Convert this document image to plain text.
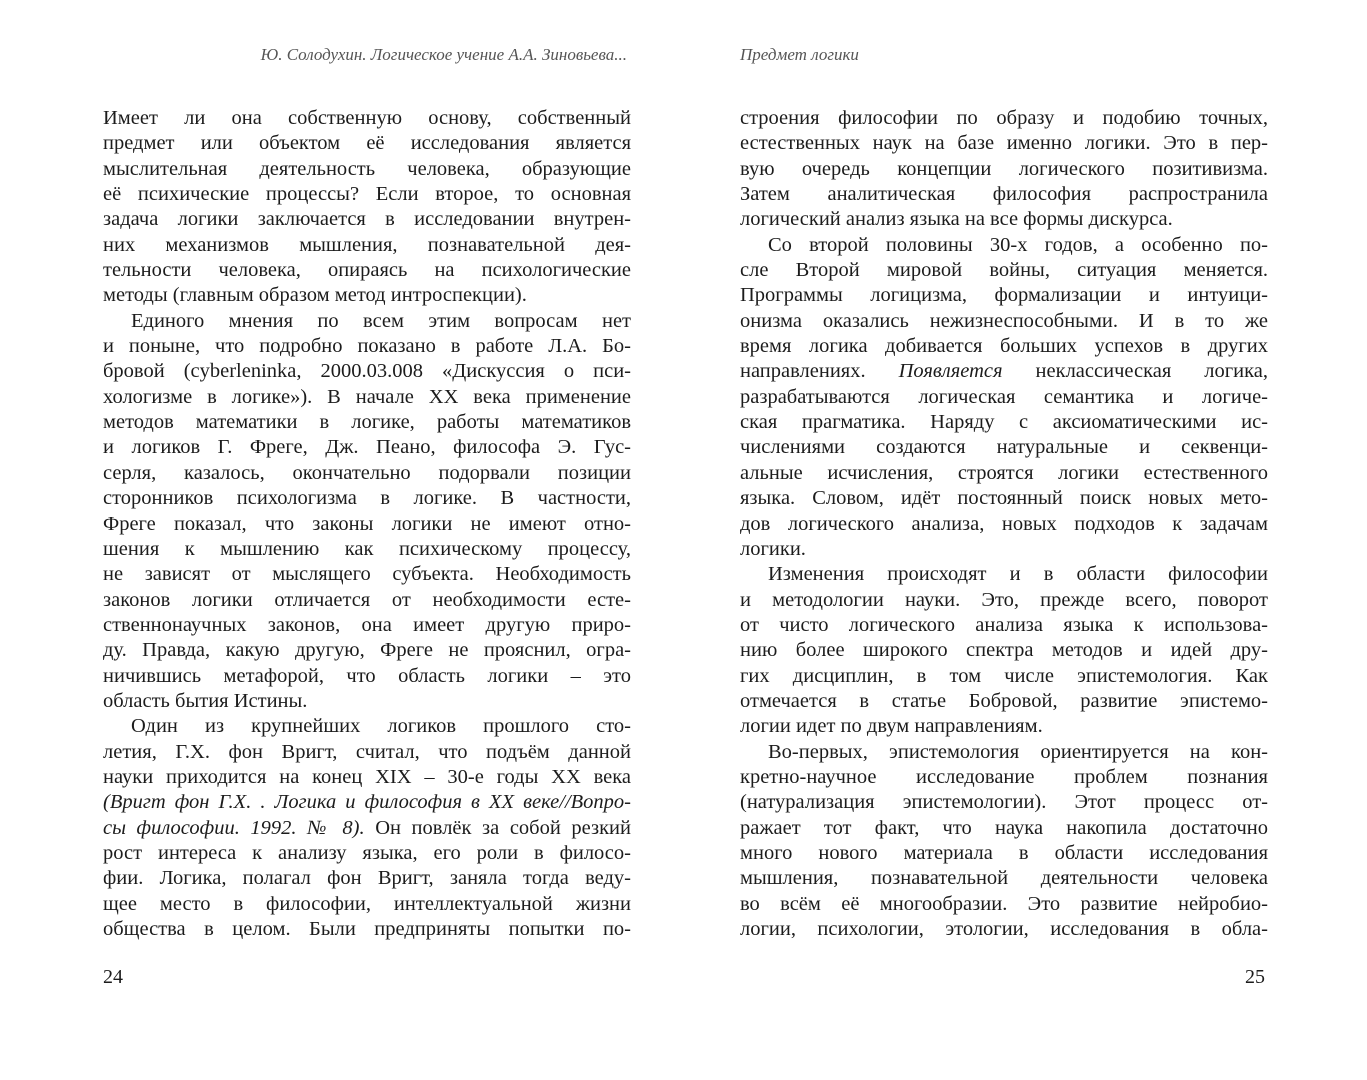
Ю. Солодухин. Логическое учение А.А. Зиновьева...
Имеет ли она собственную основу, собственный
предмет или объектом её исследования является
мыслительная деятельность человека, образующие
её психические процессы? Если второе, то основная
задача логики заключается в исследовании внутрен-
них механизмов мышления, познавательной дея-
тельности человека, опираясь на психологические
методы (главным образом метод интроспекции).
Единого мнения по всем этим вопросам нет
и поныне, что подробно показано в работе Л.А. Бо-
бровой (cyberleninka, 2000.03.008 «Дискуссия о пси-
хологизме в логике»). В начале XX века применение
методов математики в логике, работы математиков
и логиков Г. Фреге, Дж. Пеано, философа Э. Гус-
серля, казалось, окончательно подорвали позиции
сторонников психологизма в логике. В частности,
Фреге показал, что законы логики не имеют отно-
шения к мышлению как психическому процессу,
не зависят от мыслящего субъекта. Необходимость
законов логики отличается от необходимости есте-
ственнонаучных законов, она имеет другую приро-
ду. Правда, какую другую, Фреге не прояснил, огра-
ничившись метафорой, что область логики – это
область бытия Истины.
Один из крупнейших логиков прошлого сто-
летия, Г.Х. фон Вригт, считал, что подъём данной
науки приходится на конец XIX – 30-е годы XX века
(Вригт фон Г.Х. . Логика и философия в XX веке//Вопро-
сы философии. 1992. № 8). Он повлёк за собой резкий
рост интереса к анализу языка, его роли в филосо-
фии. Логика, полагал фон Вригт, заняла тогда веду-
щее место в философии, интеллектуальной жизни
общества в целом. Были предприняты попытки по-
24
Предмет логики
строения философии по образу и подобию точных,
естественных наук на базе именно логики. Это в пер-
вую очередь концепции логического позитивизма.
Затем аналитическая философия распространила
логический анализ языка на все формы дискурса.
Со второй половины 30-х годов, а особенно по-
сле Второй мировой войны, ситуация меняется.
Программы логицизма, формализации и интуици-
онизма оказались нежизнеспособными. И в то же
время логика добивается больших успехов в других
направлениях. Появляется неклассическая логика,
разрабатываются логическая семантика и логиче-
ская прагматика. Наряду с аксиоматическими ис-
числениями создаются натуральные и секвенци-
альные исчисления, строятся логики естественного
языка. Словом, идёт постоянный поиск новых мето-
дов логического анализа, новых подходов к задачам
логики.
Изменения происходят и в области философии
и методологии науки. Это, прежде всего, поворот
от чисто логического анализа языка к использова-
нию более широкого спектра методов и идей дру-
гих дисциплин, в том числе эпистемология. Как
отмечается в статье Бобровой, развитие эпистемо-
логии идет по двум направлениям.
Во-первых, эпистемология ориентируется на кон-
кретно-научное исследование проблем познания
(натурализация эпистемологии). Этот процесс от-
ражает тот факт, что наука накопила достаточно
много нового материала в области исследования
мышления, познавательной деятельности человека
во всём её многообразии. Это развитие нейробио-
логии, психологии, этологии, исследования в обла-
25
